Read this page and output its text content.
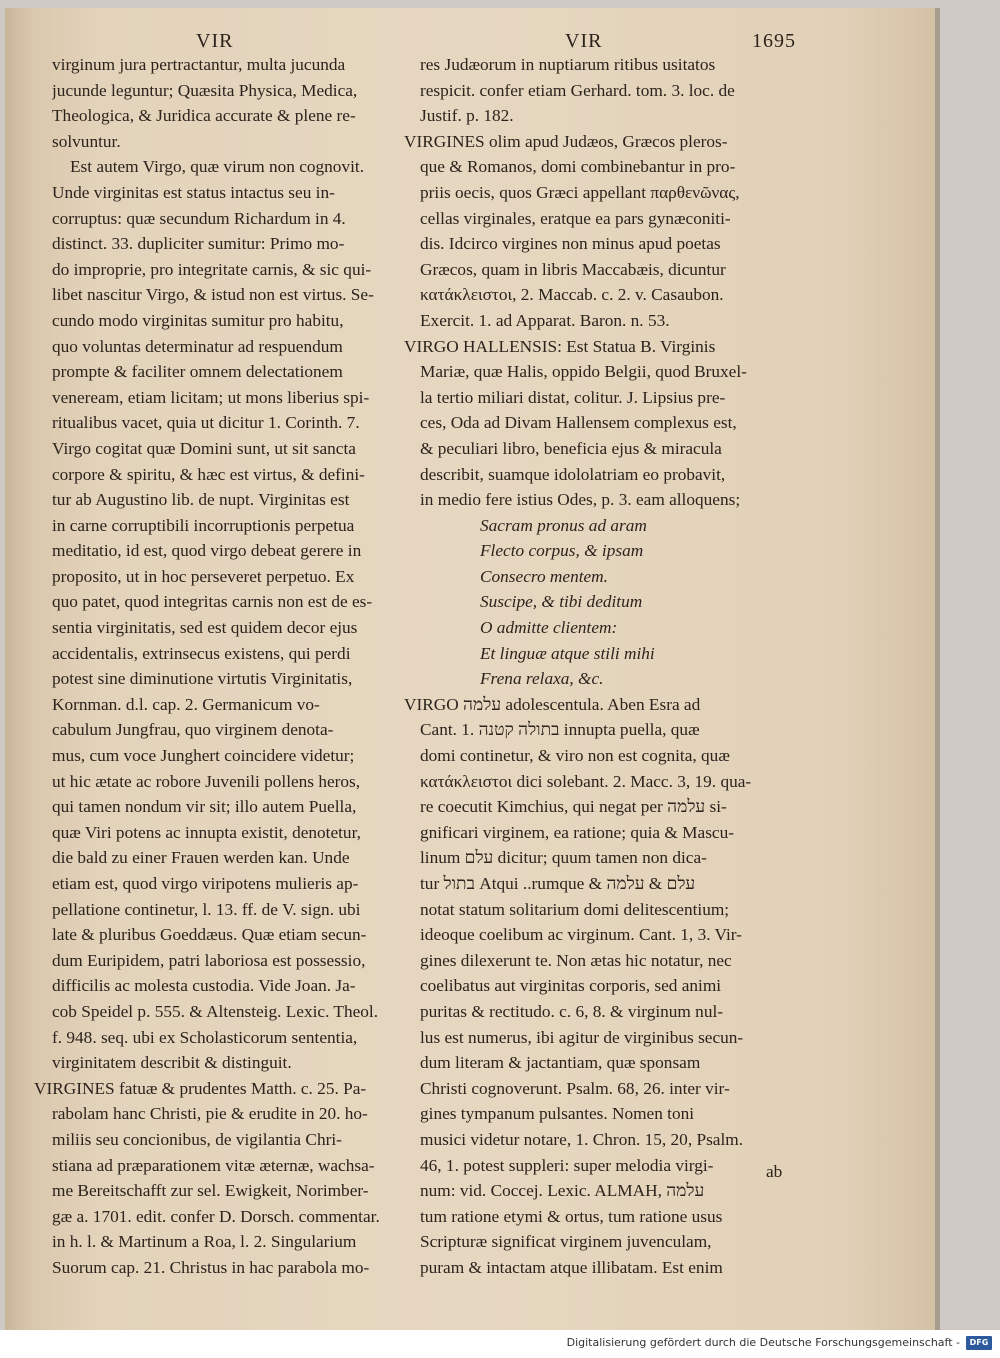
VIR	VIR	1695
virginum jura pertractantur, multa jucunda
jucunde leguntur; Quæsita Physica, Medica,
Theologica, & Juridica accurate & plene re-
solvuntur.
Est autem Virgo, quæ virum non cognovit.
Unde virginitas est status intactus seu in-
corruptus: quæ secundum Richardum in 4.
distinct. 33. dupliciter sumitur: Primo mo-
do improprie, pro integritate carnis, & sic qui-
libet nascitur Virgo, & istud non est virtus. Se-
cundo modo virginitas sumitur pro habitu,
quo voluntas determinatur ad respuendum
prompte & faciliter omnem delectationem
veneream, etiam licitam; ut mons liberius spi-
ritualibus vacet, quia ut dicitur 1. Corinth. 7.
Virgo cogitat quæ Domini sunt, ut sit sancta
corpore & spiritu, & hæc est virtus, & defini-
tur ab Augustino lib. de nupt. Virginitas est
in carne corruptibili incorruptionis perpetua
meditatio, id est, quod virgo debeat gerere in
proposito, ut in hoc perseveret perpetuo. Ex
quo patet, quod integritas carnis non est de es-
sentia virginitatis, sed est quidem decor ejus
accidentalis, extrinsecus existens, qui perdi
potest sine diminutione virtutis Virginitatis,
Kornman. d.l. cap. 2. Germanicum vo-
cabulum Jungfrau, quo virginem denota-
mus, cum voce Junghert coincidere videtur;
ut hic ætate ac robore Juvenili pollens heros,
qui tamen nondum vir sit; illo autem Puella,
quæ Viri potens ac innupta existit, denotetur,
die bald zu einer Frauen werden kan. Unde
etiam est, quod virgo viripotens mulieris ap-
pellatione continetur, l. 13. ff. de V. sign. ubi
late & pluribus Goeddæus. Quæ etiam secun-
dum Euripidem, patri laboriosa est possessio,
difficilis ac molesta custodia. Vide Joan. Ja-
cob Speidel p. 555. & Altensteig. Lexic. Theol.
f. 948. seq. ubi ex Scholasticorum sententia,
virginitatem describit & distinguit.
VIRGINES fatuæ & prudentes Matth. c. 25. Pa-
rabolam hanc Christi, pie & erudite in 20. ho-
miliis seu concionibus, de vigilantia Chri-
stiana ad præparationem vitæ æternæ, wachsa-
me Bereitschafft zur sel. Ewigkeit, Norimber-
gæ a. 1701. edit. confer D. Dorsch. commentar.
in h. l. & Martinum a Roa, l. 2. Singularium
Suorum cap. 21. Christus in hac parabola mo-
res Judæorum in nuptiarum ritibus usitatos
respicit. confer etiam Gerhard. tom. 3. loc. de
Justif. p. 182.
VIRGINES olim apud Judæos, Græcos pleros-
que & Romanos, domi combinebantur in pro-
priis oecis, quos Græci appellant παρθενῶνας,
cellas virginales, eratque ea pars gynæconiti-
dis. Idcirco virgines non minus apud poetas
Græcos, quam in libris Maccabæis, dicuntur
κατάκλειστοι, 2. Maccab. c. 2. v. Casaubon.
Exercit. 1. ad Apparat. Baron. n. 53.
VIRGO HALLENSIS: Est Statua B. Virginis
Mariæ, quæ Halis, oppido Belgii, quod Bruxel-
la tertio miliari distat, colitur. J. Lipsius pre-
ces, Oda ad Divam Hallensem complexus est,
& peculiari libro, beneficia ejus & miracula
describit, suamque idololatriam eo probavit,
in medio fere istius Odes, p. 3. eam alloquens;
Sacram pronus ad aram
Flecto corpus, & ipsam
Consecro mentem.
Suscipe, & tibi deditum
O admitte clientem:
Et linguæ atque stili mihi
Frena relaxa, &c.
VIRGO עלמה adolescentula. Aben Esra ad
Cant. 1. בתולה קטנה innupta puella, quæ
domi continetur, & viro non est cognita, quæ
κατάκλειστοι dici solebant. 2. Macc. 3, 19. qua-
re coecutit Kimchius, qui negat per עלמה si-
gnificari virginem, ea ratione; quia & Mascu-
linum עלם dicitur; quum tamen non dica-
tur בתול Atqui ..rumque & עלם & עלמה
notat statum solitarium domi delitescentium;
ideoque coelibum ac virginum. Cant. 1, 3. Vir-
gines dilexerunt te. Non ætas hic notatur, nec
coelibatus aut virginitas corporis, sed animi
puritas & rectitudo. c. 6, 8. & virginum nul-
lus est numerus, ibi agitur de virginibus secun-
dum literam & jactantiam, quæ sponsam
Christi cognoverunt. Psalm. 68, 26. inter vir-
gines tympanum pulsantes. Nomen toni
musici videtur notare, 1. Chron. 15, 20, Psalm.
46, 1. potest suppleri: super melodia virgi-
num: vid. Coccej. Lexic. ALMAH, עלמה
tum ratione etymi & ortus, tum ratione usus
Scripturæ significat virginem juvenculam,
puram & intactam atque illibatam. Est enim
ab
Digitalisierung gefördert durch die Deutsche Forschungsgemeinschaft -	DFG
